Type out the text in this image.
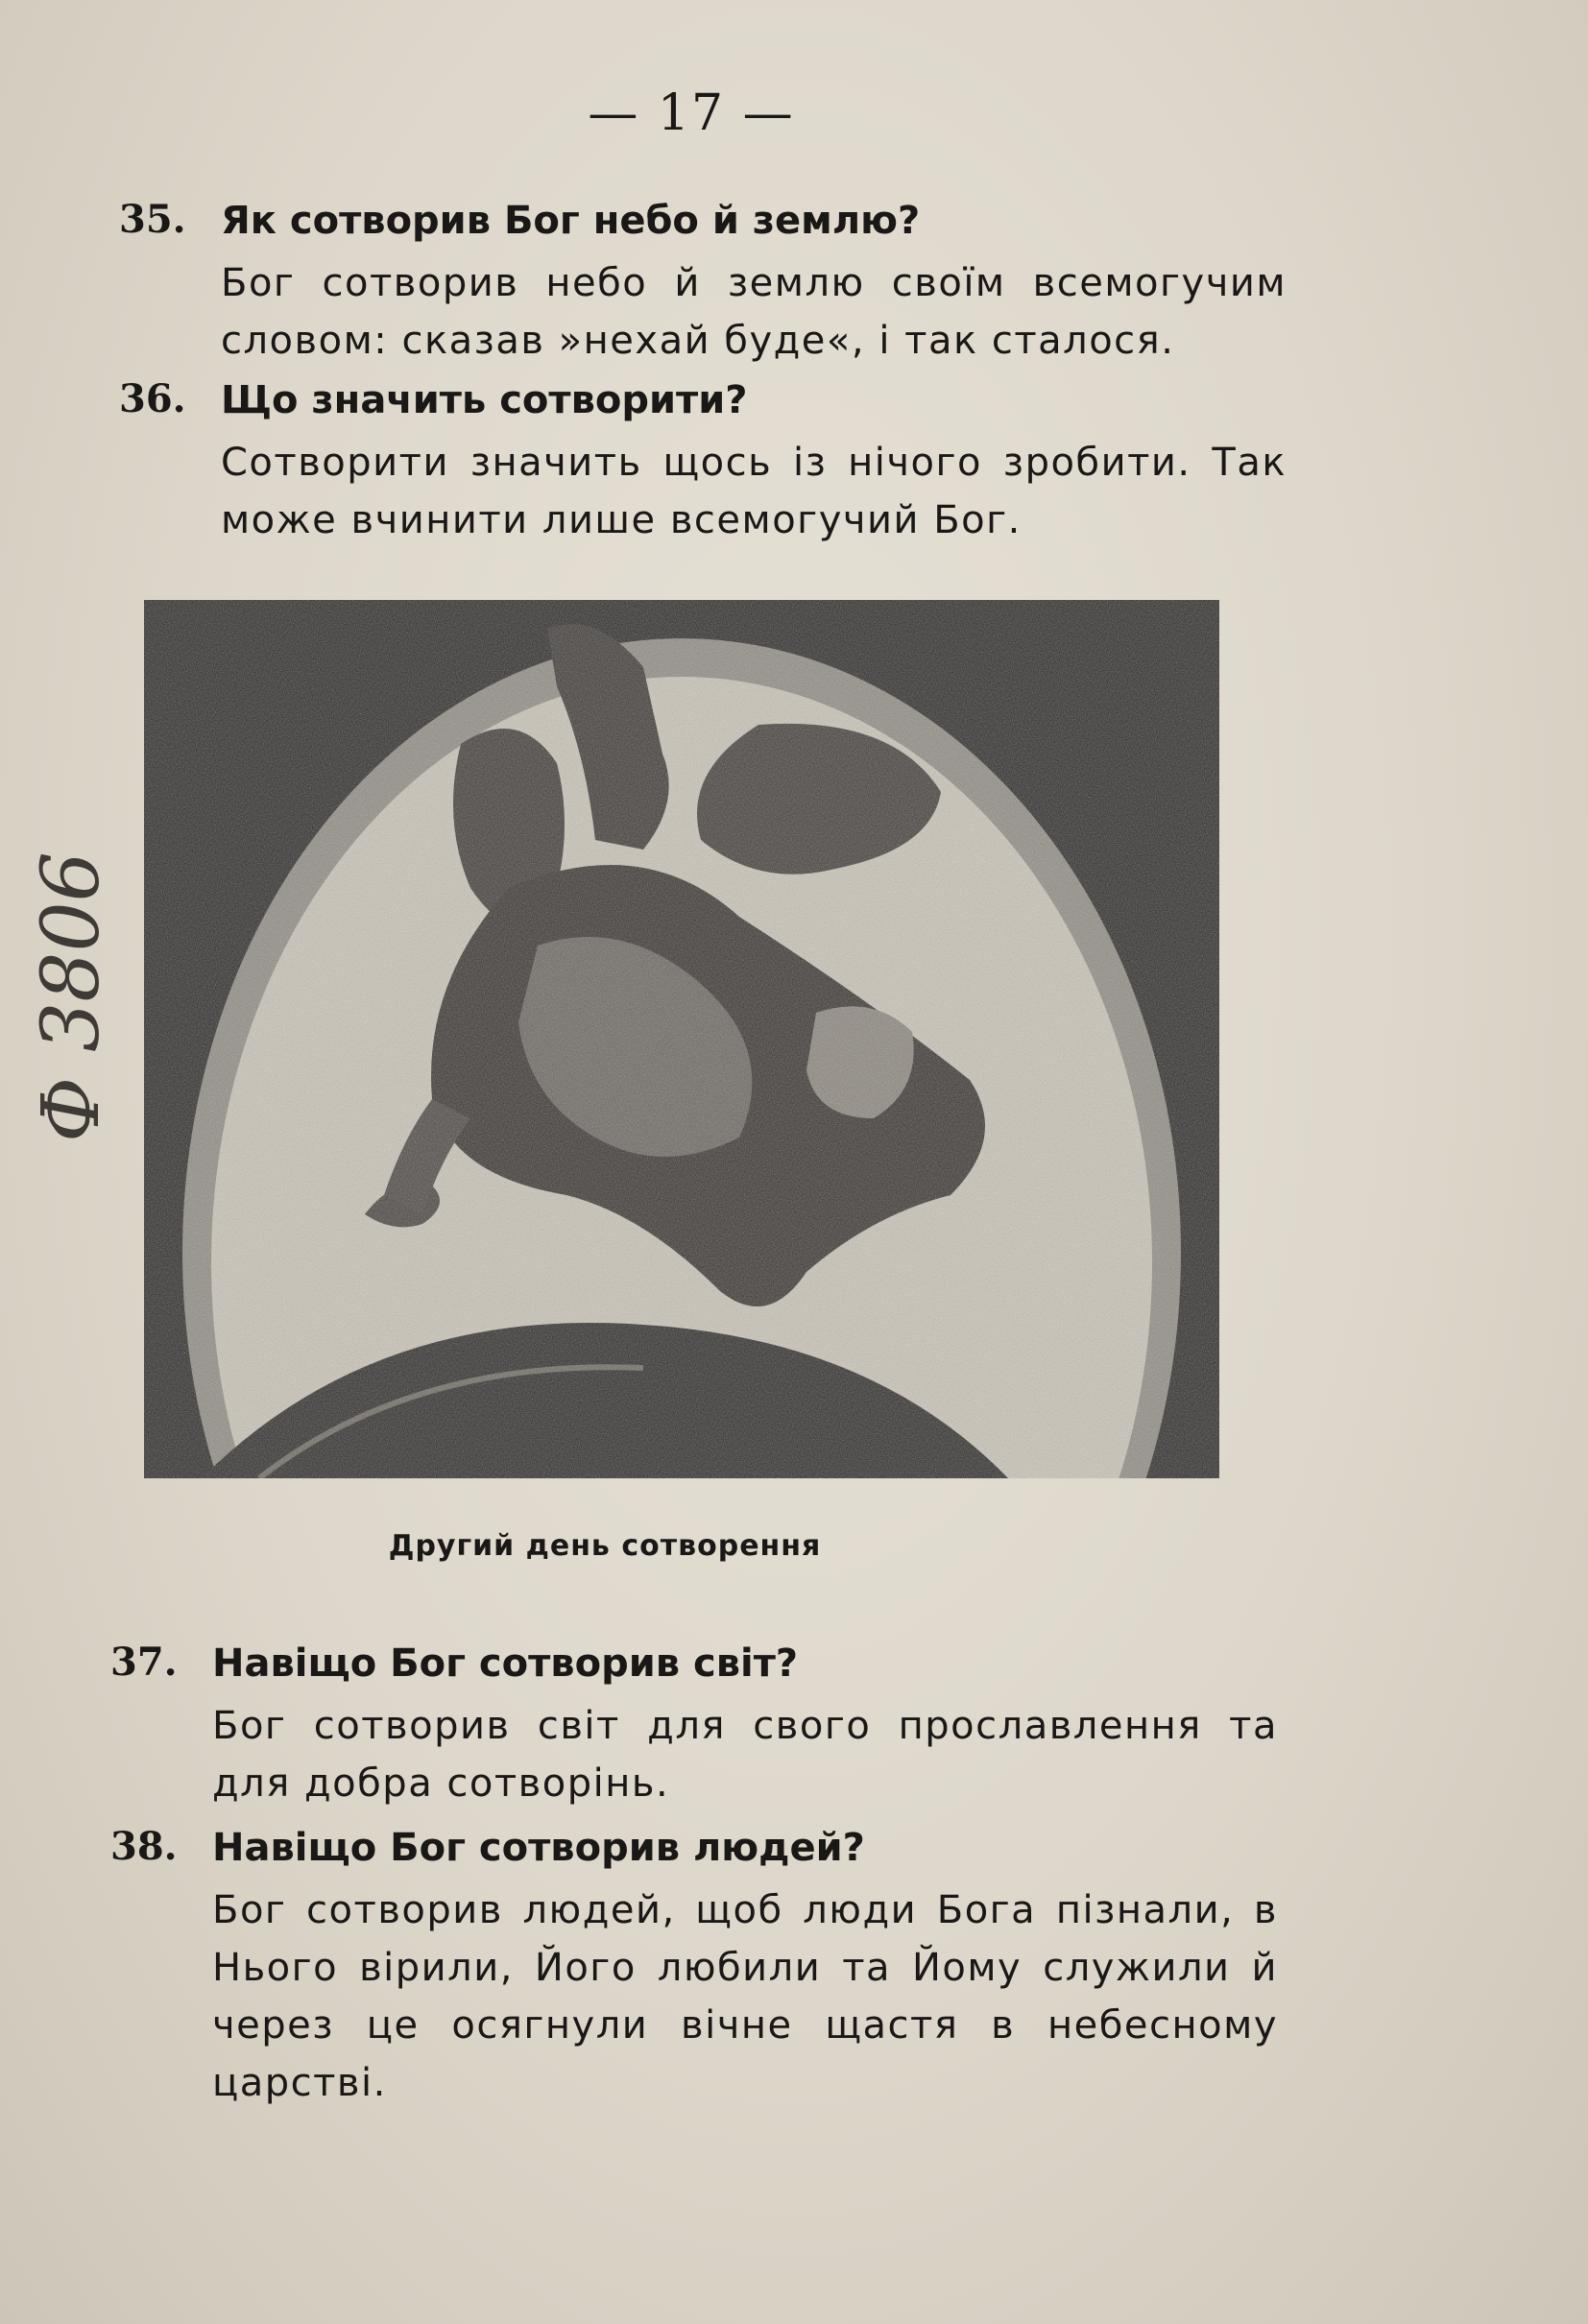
— 17 —
35. Як сотворив Бог небо й землю?
Бог сотворив небо й землю своїм всемогучим словом: сказав »нехай буде«, і так сталося.
36. Що значить сотворити?
Сотворити значить щось із нічого зробити. Так може вчинити лише всемогучий Бог.
Другий день сотворення
37. Навіщо Бог сотворив світ?
Бог сотворив світ для свого прославлення та для добра сотворінь.
38. Навіщо Бог сотворив людей?
Бог сотворив людей, щоб люди Бога пізнали, в Нього вірили, Його любили та Йому служили й через це осягнули вічне щастя в небесному царстві.
Ф 3806
